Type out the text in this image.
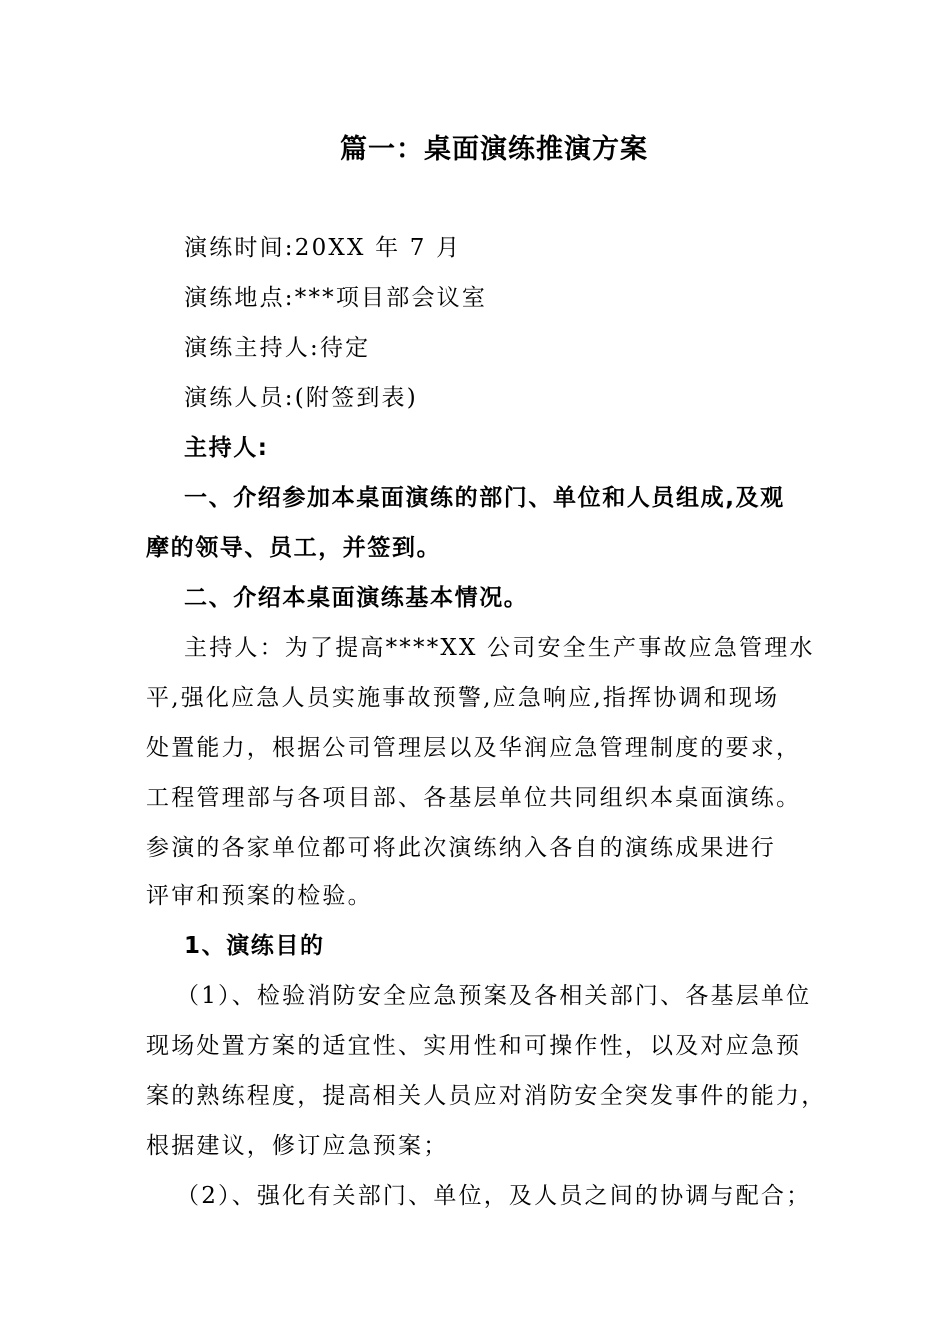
篇一：桌面演练推演方案
演练时间:20XX 年 7 月
演练地点:***项目部会议室
演练主持人:待定
演练人员:(附签到表)
主持人:
一、介绍参加本桌面演练的部门、单位和人员组成,及观
摩的领导、员工，并签到。
二、介绍本桌面演练基本情况。
主持人：为了提高****XX 公司安全生产事故应急管理水
平,强化应急人员实施事故预警,应急响应,指挥协调和现场
处置能力，根据公司管理层以及华润应急管理制度的要求，
工程管理部与各项目部、各基层单位共同组织本桌面演练。
参演的各家单位都可将此次演练纳入各自的演练成果进行
评审和预案的检验。
1、演练目的
（1）、检验消防安全应急预案及各相关部门、各基层单位
现场处置方案的适宜性、实用性和可操作性，以及对应急预
案的熟练程度，提高相关人员应对消防安全突发事件的能力，
根据建议，修订应急预案；
（2）、强化有关部门、单位，及人员之间的协调与配合；
